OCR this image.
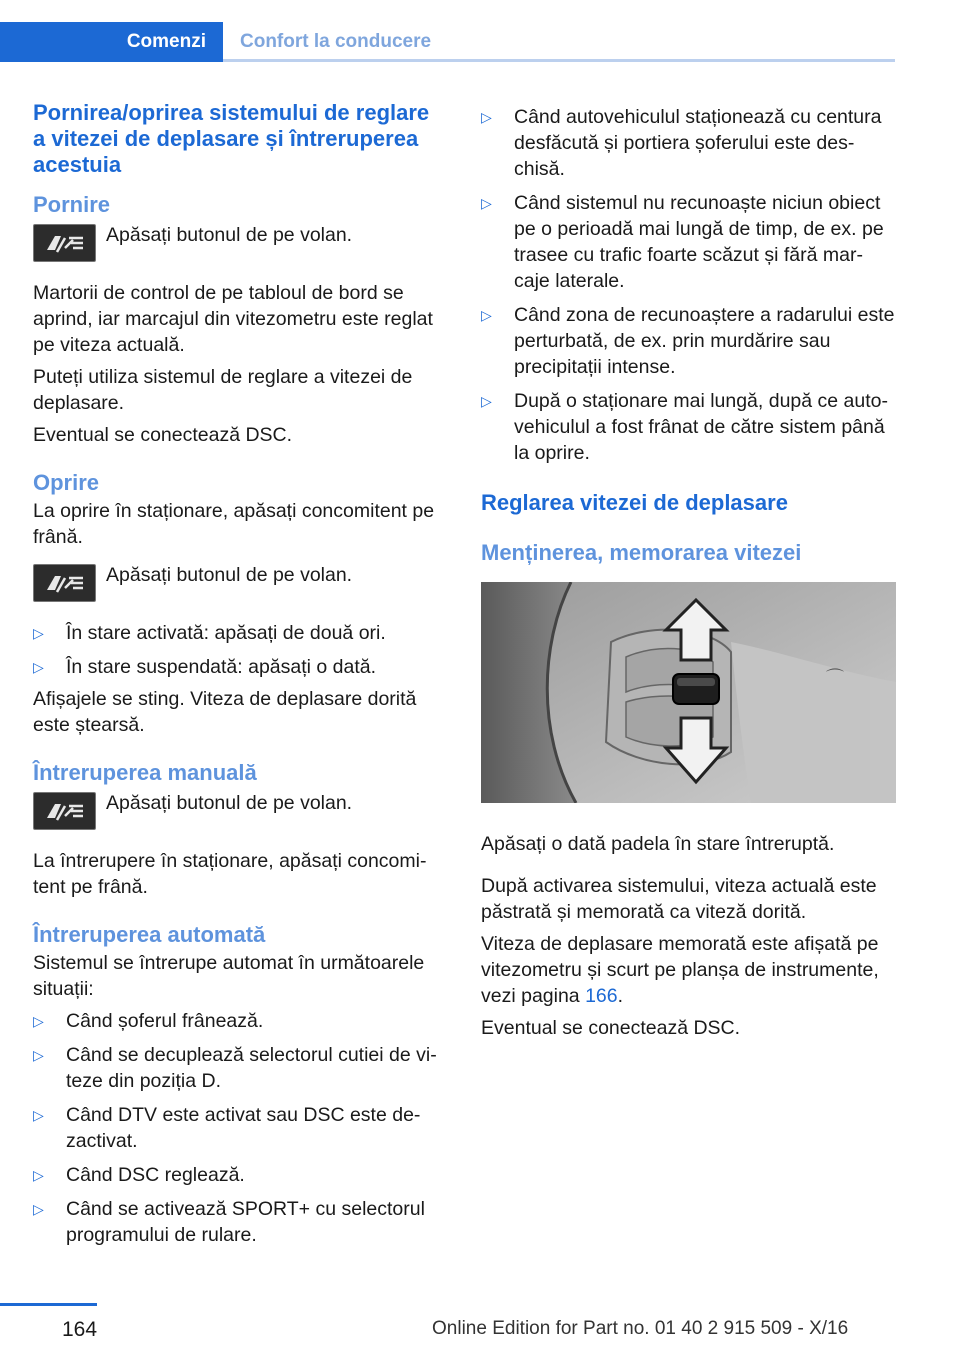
Comenzi Confort la conducere
Pornirea/oprirea sistemului de reglare a vitezei de deplasare și întreruperea acestuia
Pornire

Apăsați butonul de pe volan.

Martorii de control de pe tabloul de bord se aprind, iar marcajul din vitezometru este reglat pe viteza actuală.

Puteți utiliza sistemul de reglare a vitezei de deplasare.

Eventual se conectează DSC.

Oprire

La oprire în staționare, apăsați concomitent pe frână.

Apăsați butonul de pe volan.

▷ În stare activată: apăsați de două ori.
▷ În stare suspendată: apăsați o dată.

Afișajele se sting. Viteza de deplasare dorită este ștearsă.

Întreruperea manuală

Apăsați butonul de pe volan.

La întrerupere în staționare, apăsați concomi‐tent pe frână.

Întreruperea automată

Sistemul se întrerupe automat în următoarele situații:

▷ Când șoferul frânează.
▷ Când se decuplează selectorul cutiei de vi‐teze din poziția D.
▷ Când DTV este activat sau DSC este de‐zactivat.
▷ Când DSC reglează.
▷ Când se activează SPORT+ cu selectorul programului de rulare.
▷ Când autovehiculul staționează cu centura desfăcută și portiera șoferului este des‐chisă.
▷ Când sistemul nu recunoaște niciun obiect pe o perioadă mai lungă de timp, de ex. pe trasee cu trafic foarte scăzut și fără mar‐caje laterale.
▷ Când zona de recunoaștere a radarului este perturbată, de ex. prin murdărire sau precipitații intense.
▷ După o staționare mai lungă, după ce auto‐vehiculul a fost frânat de către sistem până la oprire.
Reglarea vitezei de deplasare
Menținerea, memorarea vitezei
⌒

Apăsați o dată padela în stare întreruptă.

După activarea sistemului, viteza actuală este păstrată și memorată ca viteză dorită.

Viteza de deplasare memorată este afișată pe vitezometru și scurt pe planșa de instrumente, vezi pagina 166.

Eventual se conectează DSC.

164	Online Edition for Part no. 01 40 2 915 509 - X/16
